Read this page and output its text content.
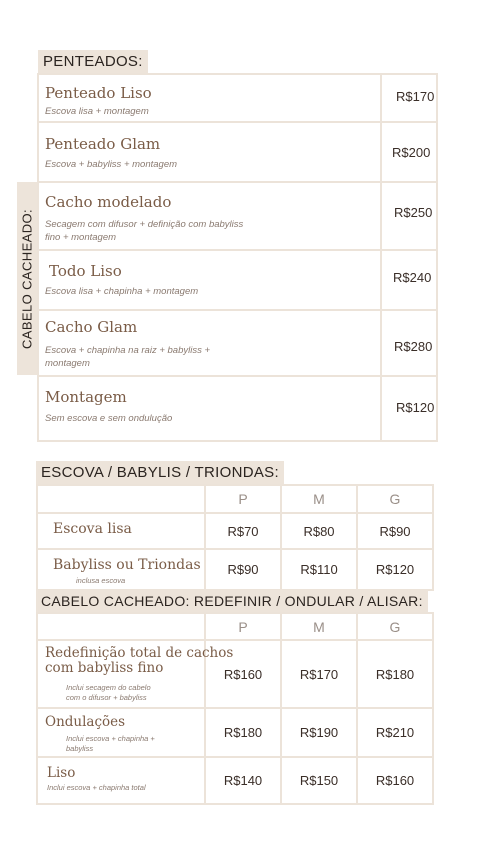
PENTEADOS:
CABELO CACHEADO:
Penteado Liso
Escova lisa + montagem
R$170
Penteado Glam
Escova + babyliss + montagem
R$200
Cacho modelado
Secagem com difusor + definição com babyliss fino + montagem
R$250
Todo Liso
Escova lisa + chapinha + montagem
R$240
Cacho Glam
Escova + chapinha na raiz + babyliss + montagem
R$280
Montagem
Sem escova e sem ondulução
R$120
ESCOVA / BABYLIS / TRIONDAS:
P	M	G
Escova lisa	R$70	R$80	R$90
Babyliss ou Triondas
inclusa escova
R$90	R$110	R$120
CABELO CACHEADO: REDEFINIR / ONDULAR / ALISAR:
P	M	G
Redefinição total de cachos
com babyliss fino
Inclui secagem do cabelo
com o difusor + babyliss
R$160	R$170	R$180
Ondulações
Inclui escova + chapinha +
babyliss
R$180	R$190	R$210
Liso
Inclui escova + chapinha total	R$140	R$150	R$160
